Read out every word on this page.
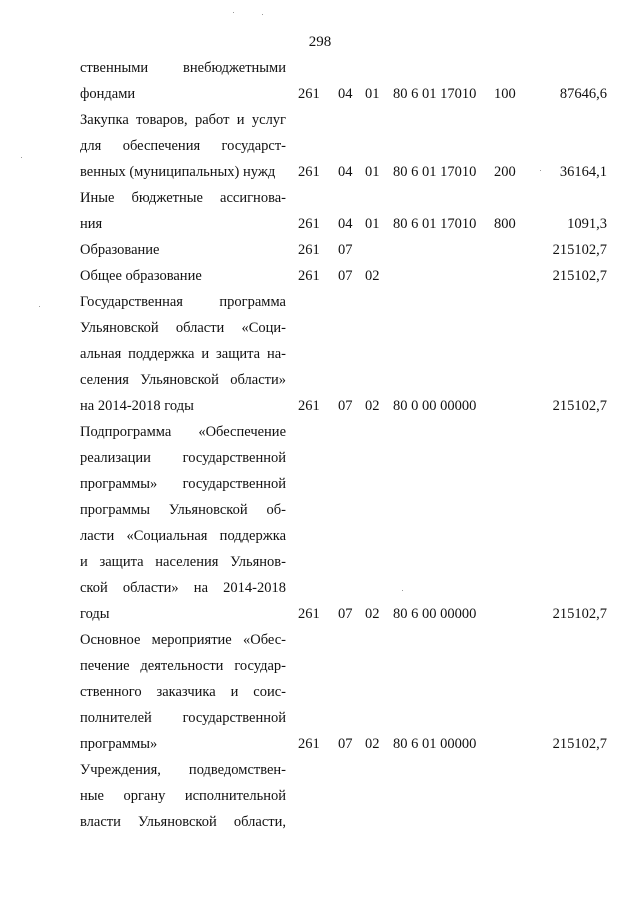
298
ственными внебюджетными
фондами	261 04 01 80 6 01 17010 100	87646,6
Закупка товаров, работ и услуг
для обеспечения государст-
венных (муниципальных) нужд	261 04 01 80 6 01 17010 200	36164,1
Иные бюджетные ассигнова-
ния	261 04 01 80 6 01 17010 800	1091,3
Образование	261 07	215102,7
Общее образование	261 07 02	215102,7
Государственная программа
Ульяновской области «Соци-
альная поддержка и защита на-
селения Ульяновской области»
на 2014-2018 годы	261 07 02 80 0 00 00000	215102,7
Подпрограмма «Обеспечение
реализации государственной
программы» государственной
программы Ульяновской об-
ласти «Социальная поддержка
и защита населения Ульянов-
ской области» на 2014-2018
годы	261 07 02 80 6 00 00000	215102,7
Основное мероприятие «Обес-
печение деятельности государ-
ственного заказчика и соис-
полнителей государственной
программы»	261 07 02 80 6 01 00000	215102,7
Учреждения, подведомствен-
ные органу исполнительной
власти Ульяновской области,
